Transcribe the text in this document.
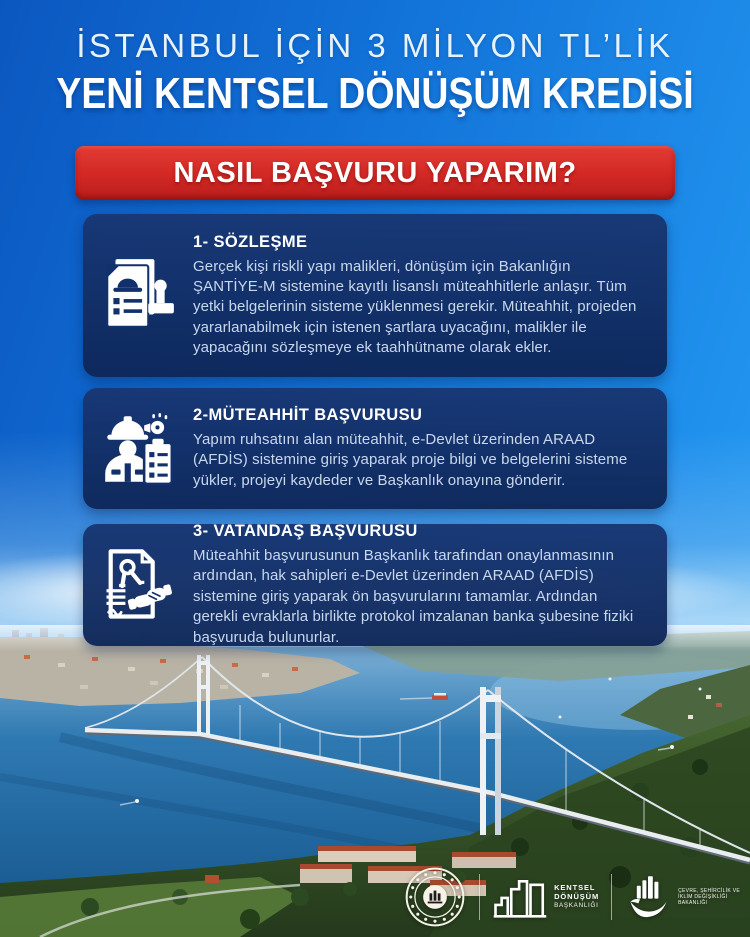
İSTANBUL İÇİN 3 MİLYON TL’LİK
YENİ KENTSEL DÖNÜŞÜM KREDİSİ
NASIL BAŞVURU YAPARIM?
1- SÖZLEŞME

Gerçek kişi riskli yapı malikleri, dönüşüm için Bakanlığın ŞANTİYE-M sistemine kayıtlı lisanslı müteahhitlerle anlaşır. Tüm yetki belgelerinin sisteme yüklenmesi gerekir. Müteahhit, projeden yararlanabilmek için istenen şartlara uyacağını, malikler ile yapacağını sözleşmeye ek taahhütname olarak ekler.

2-MÜTEAHHİT BAŞVURUSU

Yapım ruhsatını alan müteahhit, e-Devlet üzerinden ARAAD (AFDİS) sistemine giriş yaparak proje bilgi ve belgelerini sisteme yükler, projeyi kaydeder ve Başkanlık onayına gönderir.

3- VATANDAŞ BAŞVURUSU

Müteahhit başvurusunun Başkanlık tarafından onaylanmasının ardından, hak sahipleri e-Devlet üzerinden ARAAD (AFDİS) sistemine giriş yaparak ön başvurularını tamamlar. Ardından gerekli evraklarla birlikte protokol imzalanan banka şubesine fiziki başvuruda bulunurlar.

KENTSEL
DÖNÜŞÜM
BAŞKANLIĞI
ÇEVRE, ŞEHİRCİLİK VE
İKLİM DEĞİŞİKLİĞİ
BAKANLIĞI
